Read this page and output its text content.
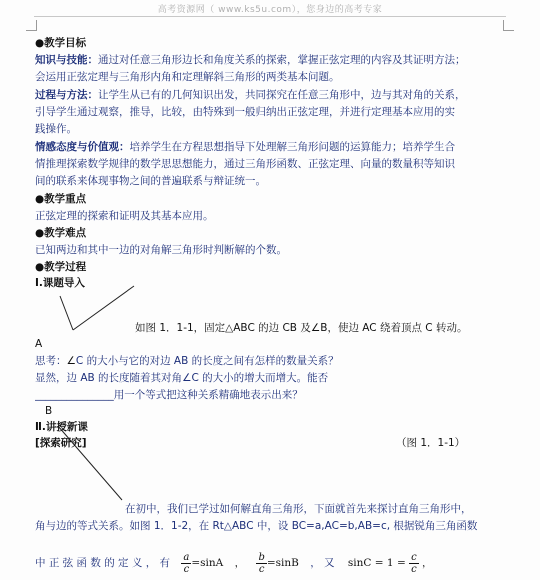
高考资源网（ www.ks5u.com），您身边的高考专家
●教学目标
知识与技能：通过对任意三角形边长和角度关系的探索，掌握正弦定理的内容及其证明方法；
会运用正弦定理与三角形内角和定理解斜三角形的两类基本问题。
过程与方法：让学生从已有的几何知识出发，共同探究在任意三角形中，边与其对角的关系，
引导学生通过观察，推导，比较，由特殊到一般归纳出正弦定理，并进行定理基本应用的实
践操作。
情感态度与价值观：培养学生在方程思想指导下处理解三角形问题的运算能力；培养学生合
情推理探索数学规律的数学思思想能力，通过三角形函数、正弦定理、向量的数量积等知识
间的联系来体现事物之间的普遍联系与辩证统一。
●教学重点
正弦定理的探索和证明及其基本应用。
●教学难点
已知两边和其中一边的对角解三角形时判断解的个数。
●教学过程
Ⅰ.课题导入
如图 1．1-1，固定△ABC 的边 CB 及∠B，使边 AC 绕着顶点 C 转动。
A
思考：∠C 的大小与它的对边 AB 的长度之间有怎样的数量关系？
显然，边 AB 的长度随着其对角∠C 的大小的增大而增大。能否
_______________用一个等式把这种关系精确地表示出来？
B
Ⅱ.讲授新课
[探索研究]	（图 1．1-1）
在初中，我们已学过如何解直角三角形，下面就首先来探讨直角三角形中，
角与边的等式关系。如图 1．1-2，在 Rt△ABC 中，设 BC=a,AC=b,AB=c, 根据锐角三角函数
中 正 弦 函 数 的 定 义 ， 有 $\frac{a}{c} =\sin A$ ， $\frac{b}{c} =\sin B$ ， 又 $\sin C = 1 = \frac{c}{c}$ ，
